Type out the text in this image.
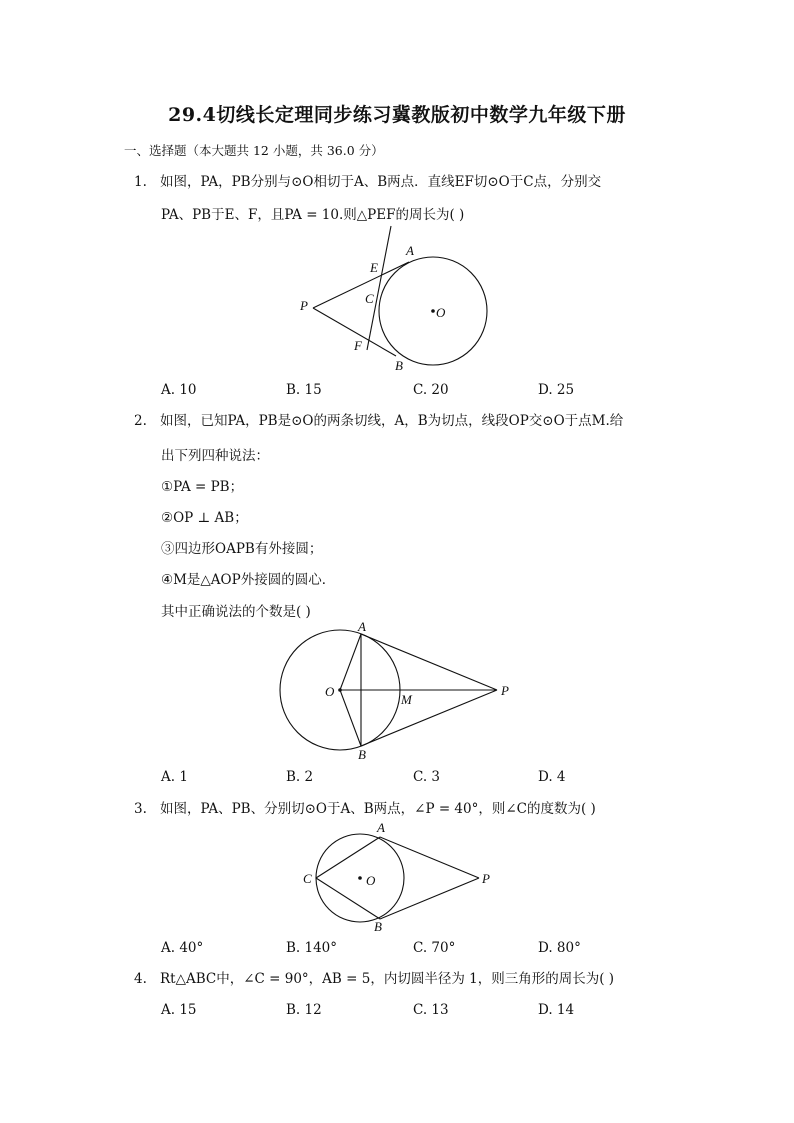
29.4切线长定理同步练习冀教版初中数学九年级下册
一、选择题（本大题共 12 小题，共 36.0 分）
1. 如图，PA，PB分别与⊙O相切于A、B两点．直线EF切⊙O于C点，分别交
PA、PB于E、F，且PA = 10.则△PEF的周长为( )
P
E
A
C
O
F
B
A. 10	B. 15	C. 20	D. 25
2. 如图，已知PA，PB是⊙O的两条切线，A，B为切点，线段OP交⊙O于点M.给
出下列四种说法：
①PA = PB；
②OP ⊥ AB；
③四边形OAPB有外接圆；
④M是△AOP外接圆的圆心．
其中正确说法的个数是( )
A
O
M
P
B
A. 1	B. 2	C. 3	D. 4
3. 如图，PA、PB、分别切⊙O于A、B两点，∠P = 40°，则∠C的度数为( )
A
C	O	P
B
A. 40°	B. 140°	C. 70°	D. 80°
4. Rt△ABC中，∠C = 90°，AB = 5，内切圆半径为 1，则三角形的周长为( )
A. 15	B. 12	C. 13	D. 14
